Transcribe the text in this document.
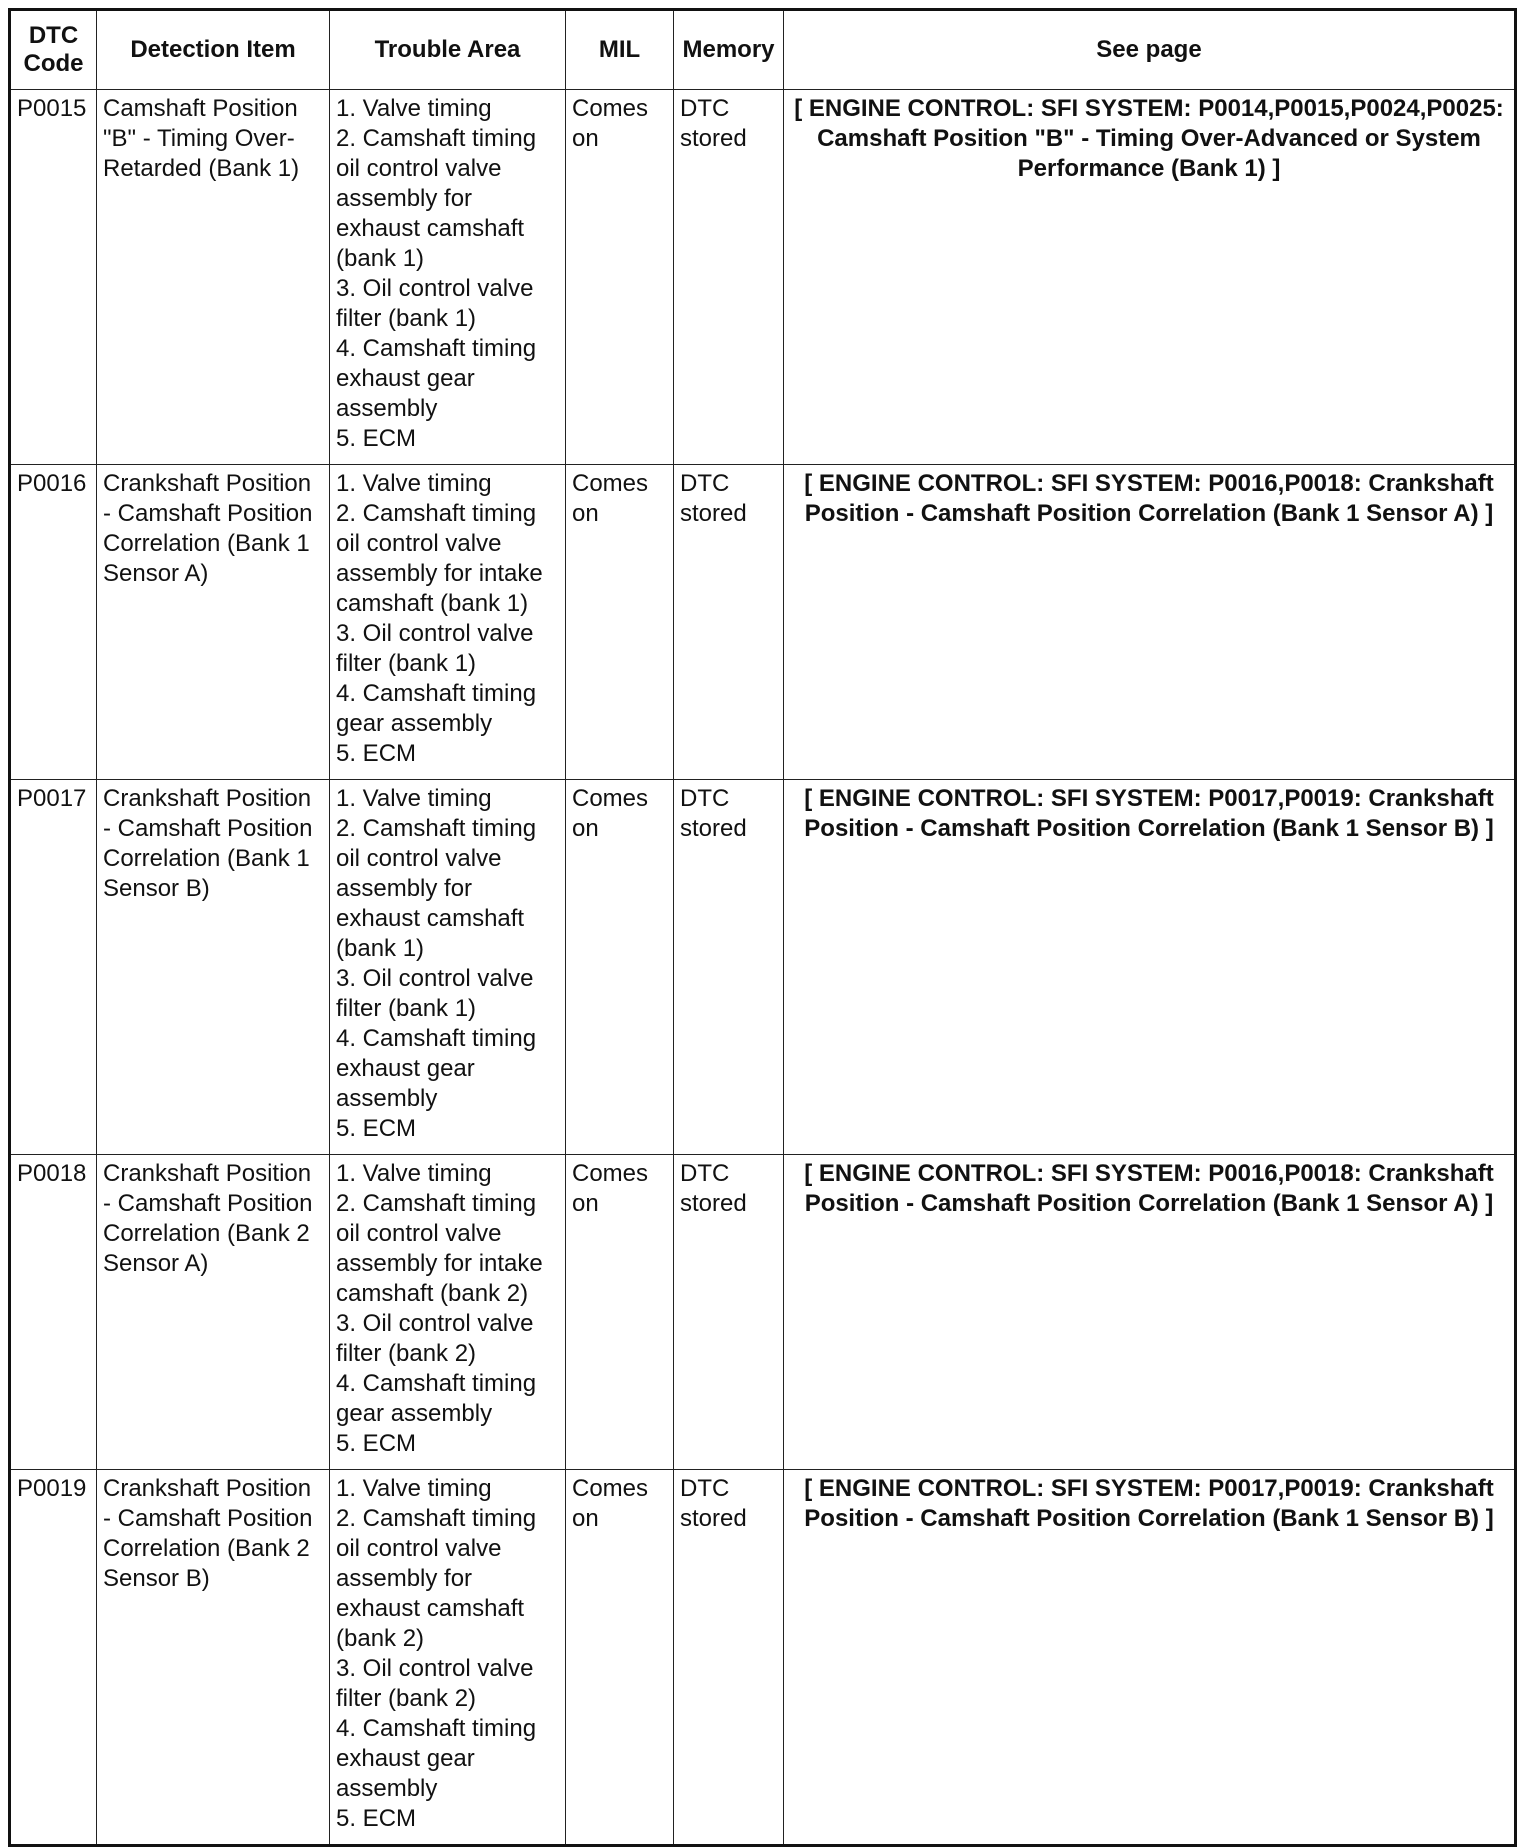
DTC Code	Detection Item	Trouble Area	MIL	Memory	See page
P0015	Camshaft Position "B" - Timing Over-Retarded (Bank 1)	1. Valve timing
2. Camshaft timing oil control valve assembly for exhaust camshaft (bank 1)
3. Oil control valve filter (bank 1)
4. Camshaft timing exhaust gear assembly
5. ECM	Comes on	DTC stored	[ ENGINE CONTROL: SFI SYSTEM: P0014,P0015,P0024,P0025: Camshaft Position "B" - Timing Over-Advanced or System Performance (Bank 1) ]
P0016	Crankshaft Position - Camshaft Position Correlation (Bank 1 Sensor A)	1. Valve timing
2. Camshaft timing oil control valve assembly for intake camshaft (bank 1)
3. Oil control valve filter (bank 1)
4. Camshaft timing gear assembly
5. ECM	Comes on	DTC stored	[ ENGINE CONTROL: SFI SYSTEM: P0016,P0018: Crankshaft Position - Camshaft Position Correlation (Bank 1 Sensor A) ]
P0017	Crankshaft Position - Camshaft Position Correlation (Bank 1 Sensor B)	1. Valve timing
2. Camshaft timing oil control valve assembly for exhaust camshaft (bank 1)
3. Oil control valve filter (bank 1)
4. Camshaft timing exhaust gear assembly
5. ECM	Comes on	DTC stored	[ ENGINE CONTROL: SFI SYSTEM: P0017,P0019: Crankshaft Position - Camshaft Position Correlation (Bank 1 Sensor B) ]
P0018	Crankshaft Position - Camshaft Position Correlation (Bank 2 Sensor A)	1. Valve timing
2. Camshaft timing oil control valve assembly for intake camshaft (bank 2)
3. Oil control valve filter (bank 2)
4. Camshaft timing gear assembly
5. ECM	Comes on	DTC stored	[ ENGINE CONTROL: SFI SYSTEM: P0016,P0018: Crankshaft Position - Camshaft Position Correlation (Bank 1 Sensor A) ]
P0019	Crankshaft Position - Camshaft Position Correlation (Bank 2 Sensor B)	1. Valve timing
2. Camshaft timing oil control valve assembly for exhaust camshaft (bank 2)
3. Oil control valve filter (bank 2)
4. Camshaft timing exhaust gear assembly
5. ECM	Comes on	DTC stored	[ ENGINE CONTROL: SFI SYSTEM: P0017,P0019: Crankshaft Position - Camshaft Position Correlation (Bank 1 Sensor B) ]
